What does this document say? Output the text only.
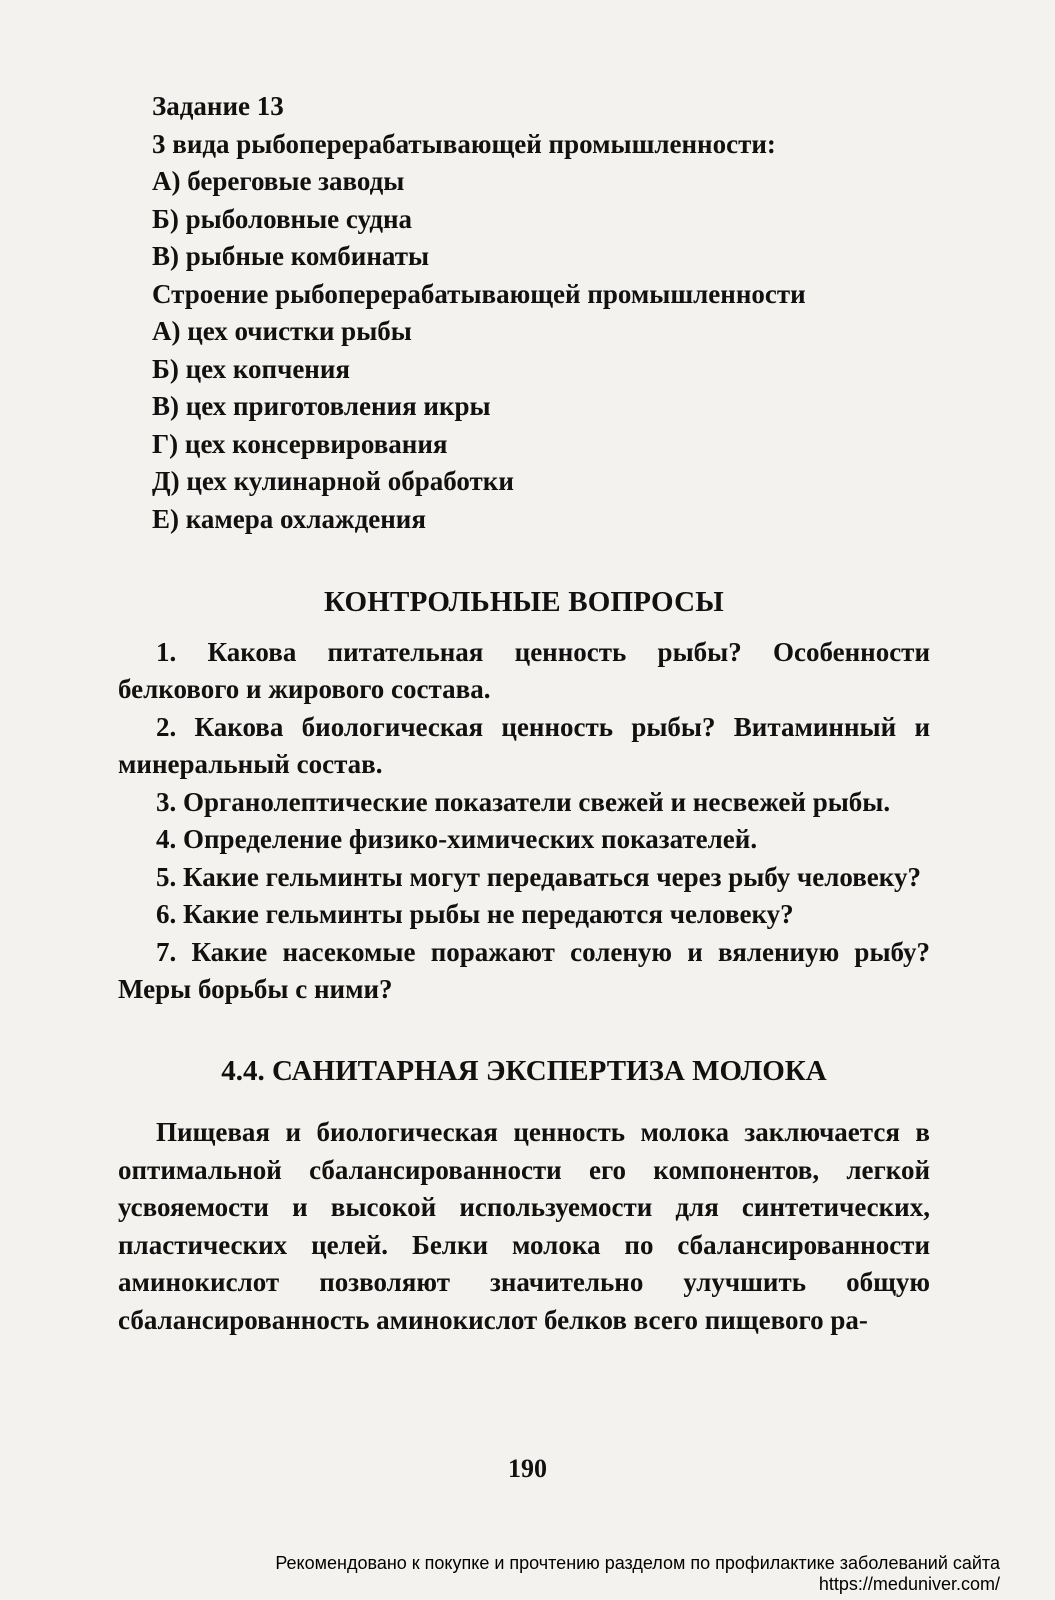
Задание 13

3 вида рыбоперерабатывающей промышленности:

А) береговые заводы

Б) рыболовные судна

В) рыбные комбинаты

Строение рыбоперерабатывающей промышленности

А) цех очистки рыбы

Б) цех копчения

В) цех приготовления икры

Г) цех консервирования

Д) цех кулинарной обработки

Е) камера охлаждения

КОНТРОЛЬНЫЕ ВОПРОСЫ

1. Какова питательная ценность рыбы? Особенности белкового и жирового состава.

2. Какова биологическая ценность рыбы? Витаминный и минеральный состав.

3. Органолептические показатели свежей и несвежей рыбы.

4. Определение физико-химических показателей.

5. Какие гельминты могут передаваться через рыбу человеку?

6. Какие гельминты рыбы не передаются человеку?

7. Какие насекомые поражают соленую и вялениую рыбу? Меры борьбы с ними?

4.4. САНИТАРНАЯ ЭКСПЕРТИЗА МОЛОКА

Пищевая и биологическая ценность молока заключается в оптимальной сбалансированности его компонентов, легкой усвояемости и высокой используемости для синтетических, пластических целей. Белки молока по сбалансированности аминокислот позволяют значительно улучшить общую сбалансированность аминокислот белков всего пищевого ра-

190
Рекомендовано к покупке и прочтению разделом по профилактике заболеваний сайта https://meduniver.com/
